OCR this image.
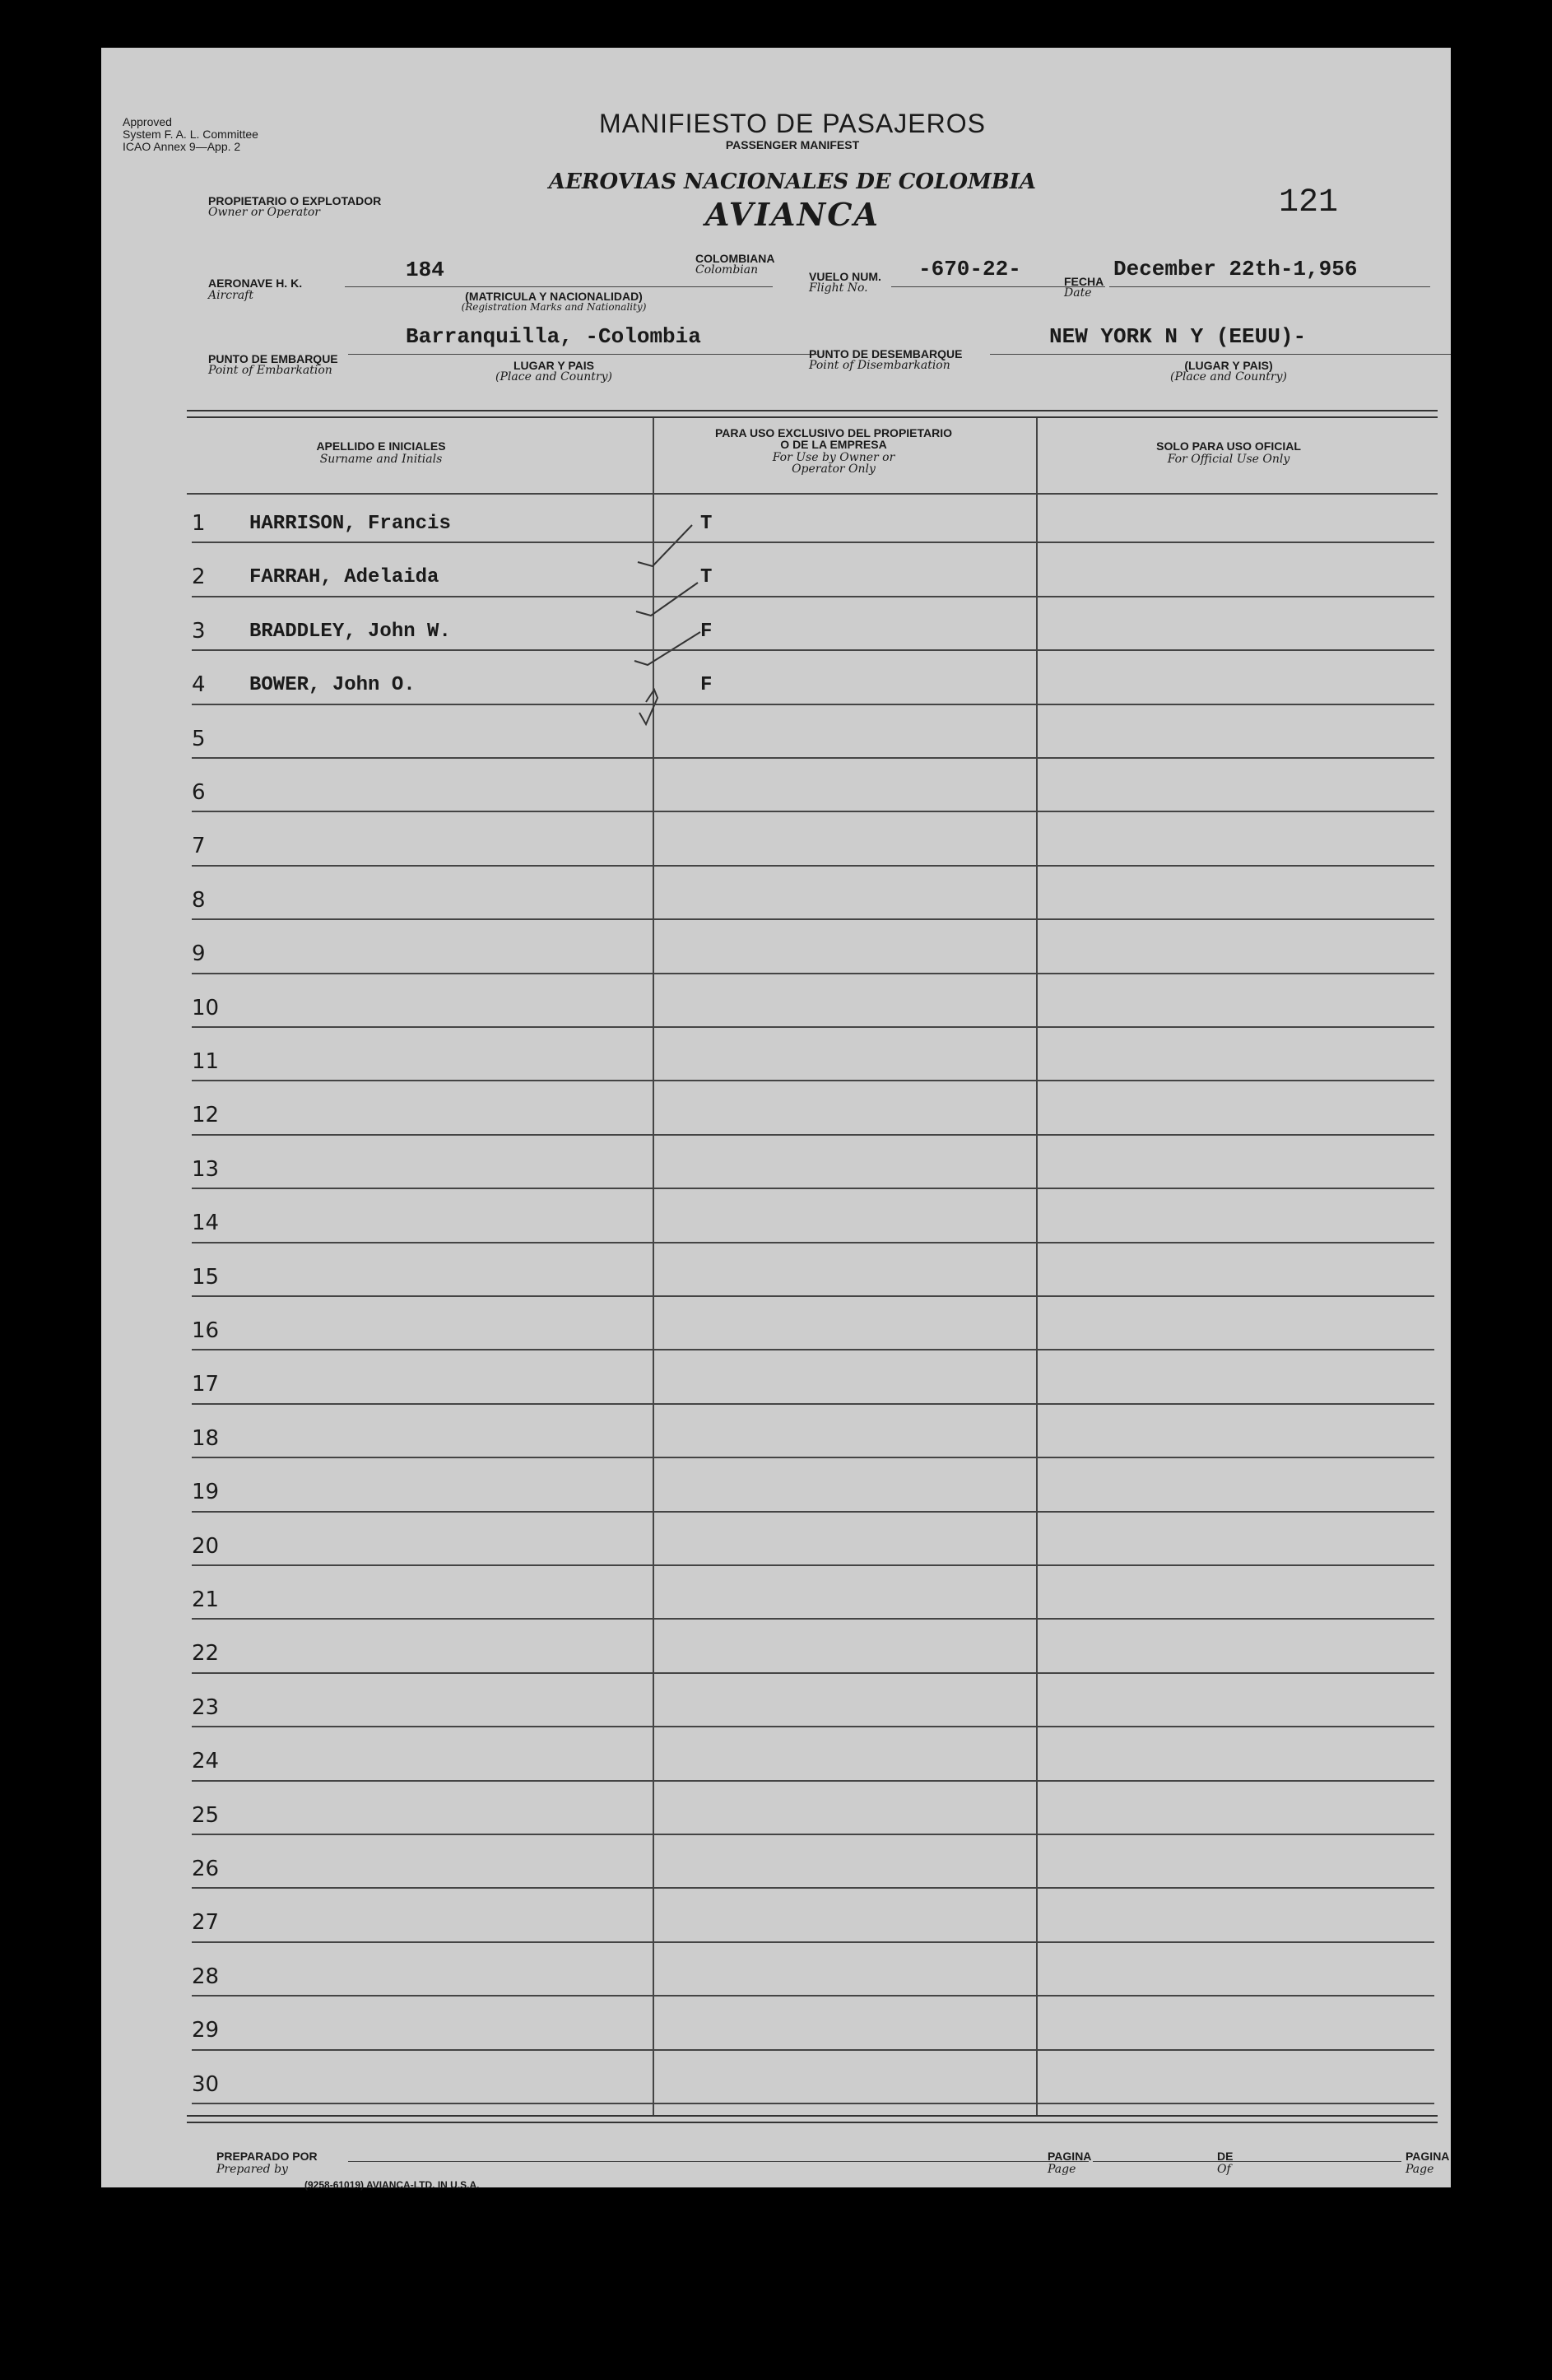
Approved
System F. A. L. Committee
ICAO Annex 9—App. 2
MANIFIESTO DE PASAJEROS
PASSENGER MANIFEST
AEROVIAS NACIONALES DE COLOMBIA
AVIANCA	121
PROPIETARIO O EXPLOTADOR
Owner or Operator
AERONAVE H. K.
Aircraft
184
(MATRICULA Y NACIONALIDAD)
(Registration Marks and Nationality)
COLOMBIANA
Colombian	VUELO NUM.
Flight No.
-670-22-	FECHA
Date
December 22th-1,956
PUNTO DE EMBARQUE
Point of Embarkation
Barranquilla, -Colombia
LUGAR Y PAIS
(Place and Country)
PUNTO DE DESEMBARQUE
Point of Disembarkation
NEW YORK N Y (EEUU)-
(LUGAR Y PAIS)
(Place and Country)
APELLIDO E INICIALES
Surname and Initials
PARA USO EXCLUSIVO DEL PROPIETARIO
O DE LA EMPRESA
For Use by Owner or
Operator Only
SOLO PARA USO OFICIAL
For Official Use Only
1 HARRISON, Francis	T
2 FARRAH, Adelaida	T
3 BRADDLEY, John W.	F
4 BOWER, John O.	F
5
6
7
8
9
10
11
12
13
14
15
16
17
18
19
20
21
22
23
24
25
26
27
28
29
30
PREPARADO POR
Prepared by
PAGINA
Page
DE
Of
PAGINA
Page
(9258-61019) AVIANCA-LTD. IN U.S.A.
